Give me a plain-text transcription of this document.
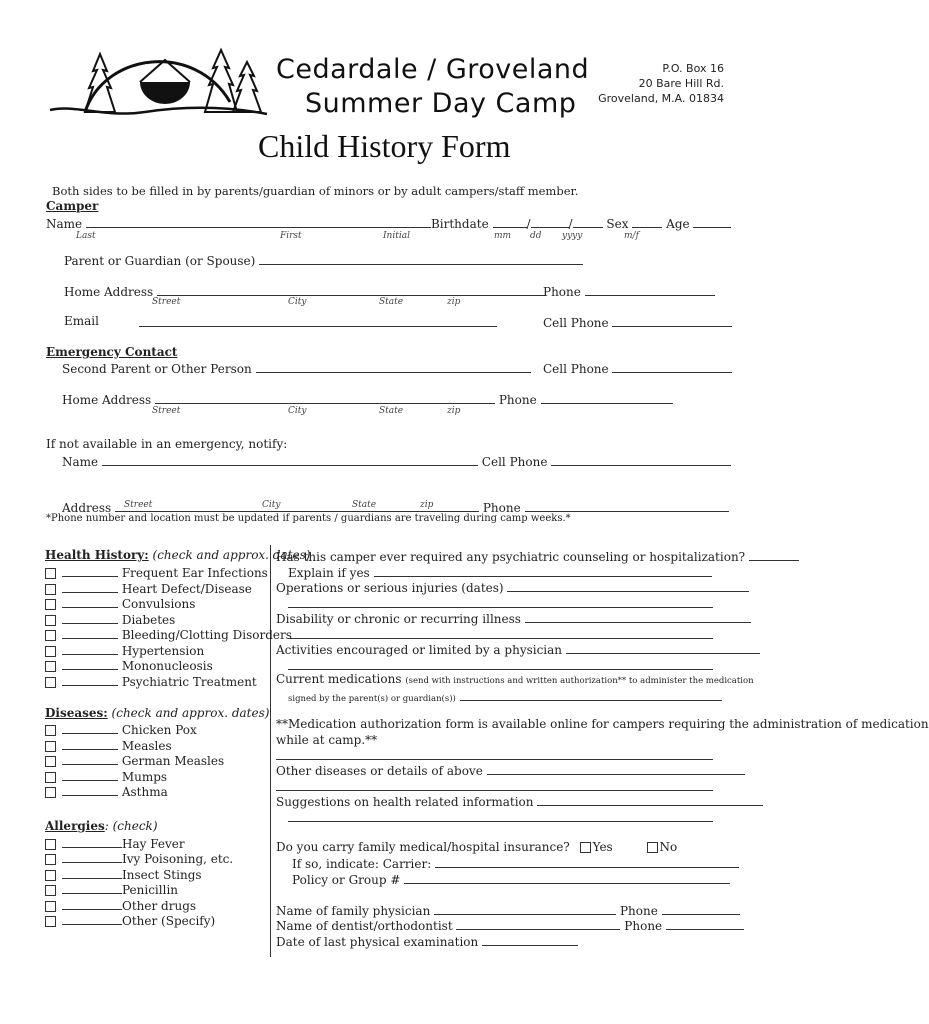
Cedardale / Groveland
Summer Day Camp
P.O. Box 16
20 Bare Hill Rd.
Groveland, M.A. 01834
Child History Form
Both sides to be filled in by parents/guardian of minors or by adult campers/staff member.
Camper
Name	Birthdate	/	/	Sex	Age
Last	First	Initial	mm dd yyyy	m/f
Parent or Guardian (or Spouse)
Home Address	Phone
Street	City	State	zip
Email	Cell Phone
Emergency Contact
Second Parent or Other Person	Cell Phone
Home Address	Phone
Street	City	State	zip
If not available in an emergency, notify:
Name	Cell Phone
Address	Phone
Street	City	State	zip
*Phone number and location must be updated if parents / guardians are traveling during camp weeks.*
Health History: (check and approx. dates)
Frequent Ear Infections
Heart Defect/Disease
Convulsions
Diabetes
Bleeding/Clotting Disorders
Hypertension
Mononucleosis
Psychiatric Treatment
Diseases: (check and approx. dates)
Chicken Pox
Measles
German Measles
Mumps
Asthma
Allergies: (check)
Hay Fever
Ivy Poisoning, etc.
Insect Stings
Penicillin
Other drugs
Other (Specify)
Has this camper ever required any psychiatric counseling or hospitalization?
Explain if yes
Operations or serious injuries (dates)
Disability or chronic or recurring illness
Activities encouraged or limited by a physician
Current medications (send with instructions and written authorization** to administer the medication
signed by the parent(s) or guardian(s))
**Medication authorization form is available online for campers requiring the administration of medication
while at camp.**
Other diseases or details of above
Suggestions on health related information
Do you carry family medical/hospital insurance? Yes	No
If so, indicate: Carrier:
Policy or Group #
Name of family physician	Phone
Name of dentist/orthodontist	Phone
Date of last physical examination
